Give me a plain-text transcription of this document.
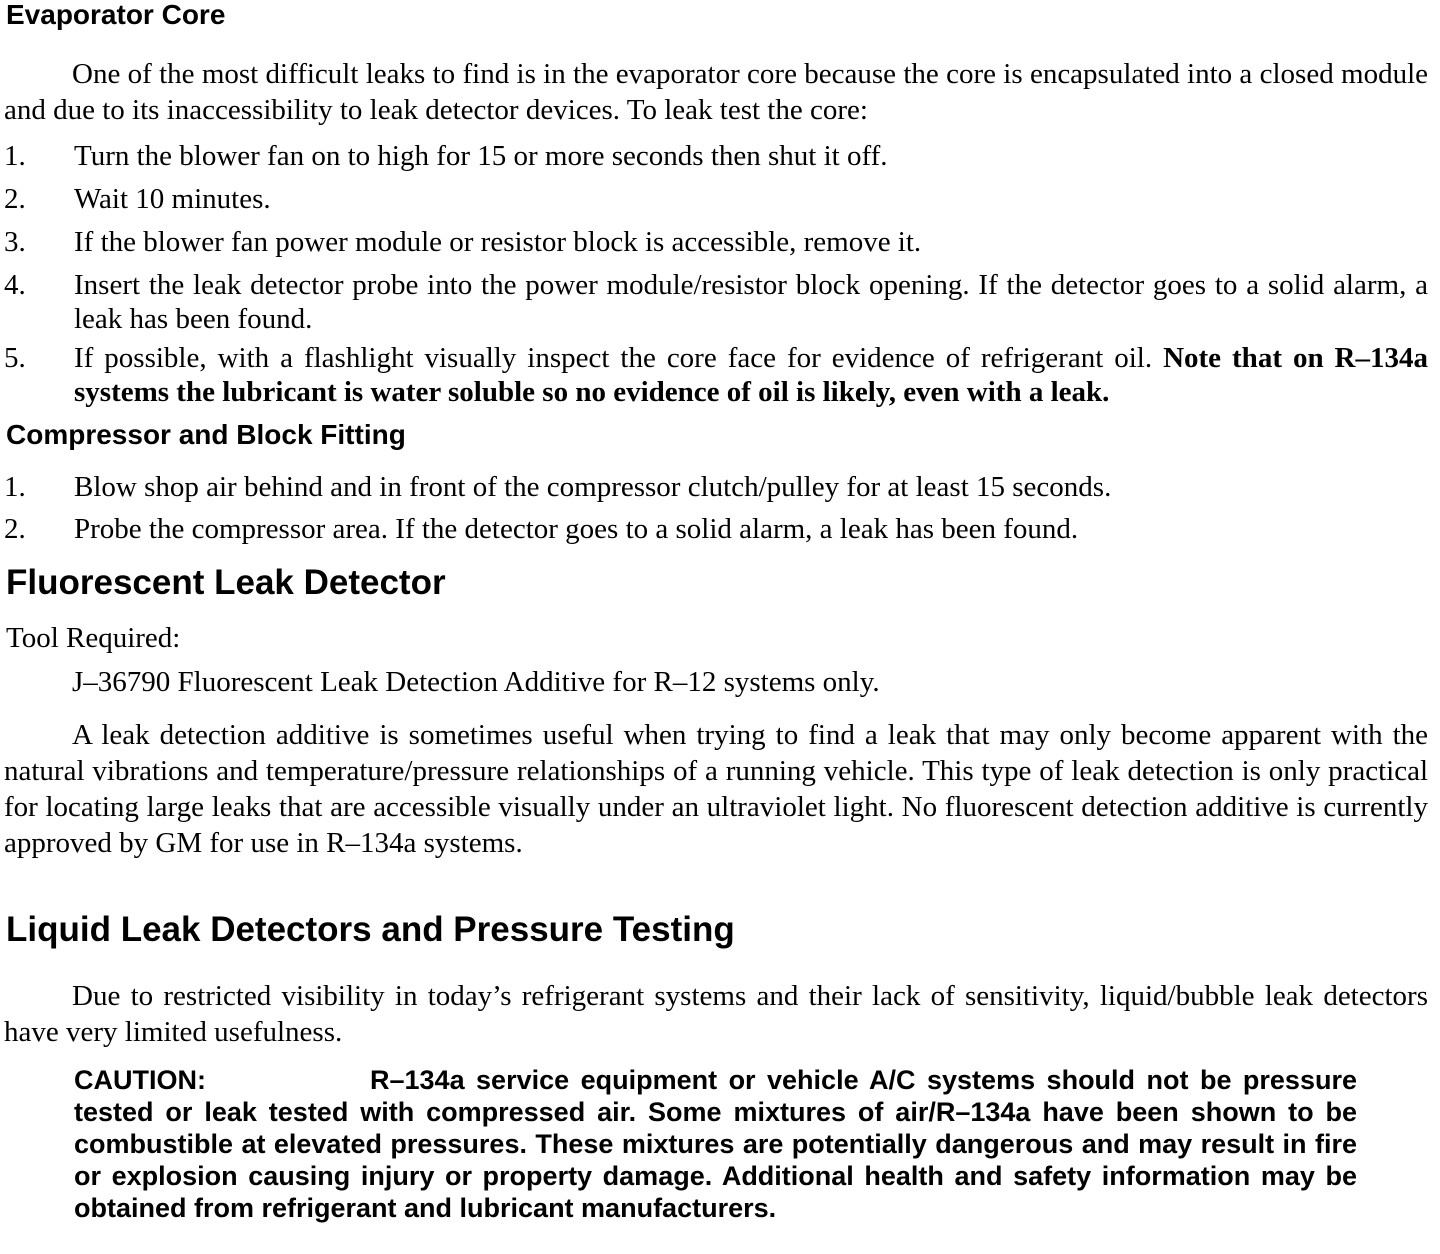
Evaporator Core

One of the most difficult leaks to find is in the evaporator core because the core is encapsulated into a closed module and due to its inaccessibility to leak detector devices. To leak test the core:

1. Turn the blower fan on to high for 15 or more seconds then shut it off.
2. Wait 10 minutes.
3. If the blower fan power module or resistor block is accessible, remove it.
4. Insert the leak detector probe into the power module/resistor block opening. If the detector goes to a solid alarm, a leak has been found.
5. If possible, with a flashlight visually inspect the core face for evidence of refrigerant oil. Note that on R–134a systems the lubricant is water soluble so no evidence of oil is likely, even with a leak.
Compressor and Block Fitting
1. Blow shop air behind and in front of the compressor clutch/pulley for at least 15 seconds.
2. Probe the compressor area. If the detector goes to a solid alarm, a leak has been found.
Fluorescent Leak Detector

Tool Required:

J–36790 Fluorescent Leak Detection Additive for R–12 systems only.

A leak detection additive is sometimes useful when trying to find a leak that may only become apparent with the natural vibrations and temperature/pressure relationships of a running vehicle. This type of leak detection is only practical for locating large leaks that are accessible visually under an ultraviolet light. No fluorescent detection additive is currently approved by GM for use in R–134a systems.

Liquid Leak Detectors and Pressure Testing

Due to restricted visibility in today’s refrigerant systems and their lack of sensitivity, liquid/bubble leak detectors have very limited usefulness.

CAUTION:	R–134a service equipment or vehicle A/C systems should not be pressure tested or leak tested with compressed air. Some mixtures of air/R–134a have been shown to be combustible at elevated pressures. These mixtures are potentially dangerous and may result in fire or explosion causing injury or property damage. Additional health and safety information may be obtained from refrigerant and lubricant manufacturers.
